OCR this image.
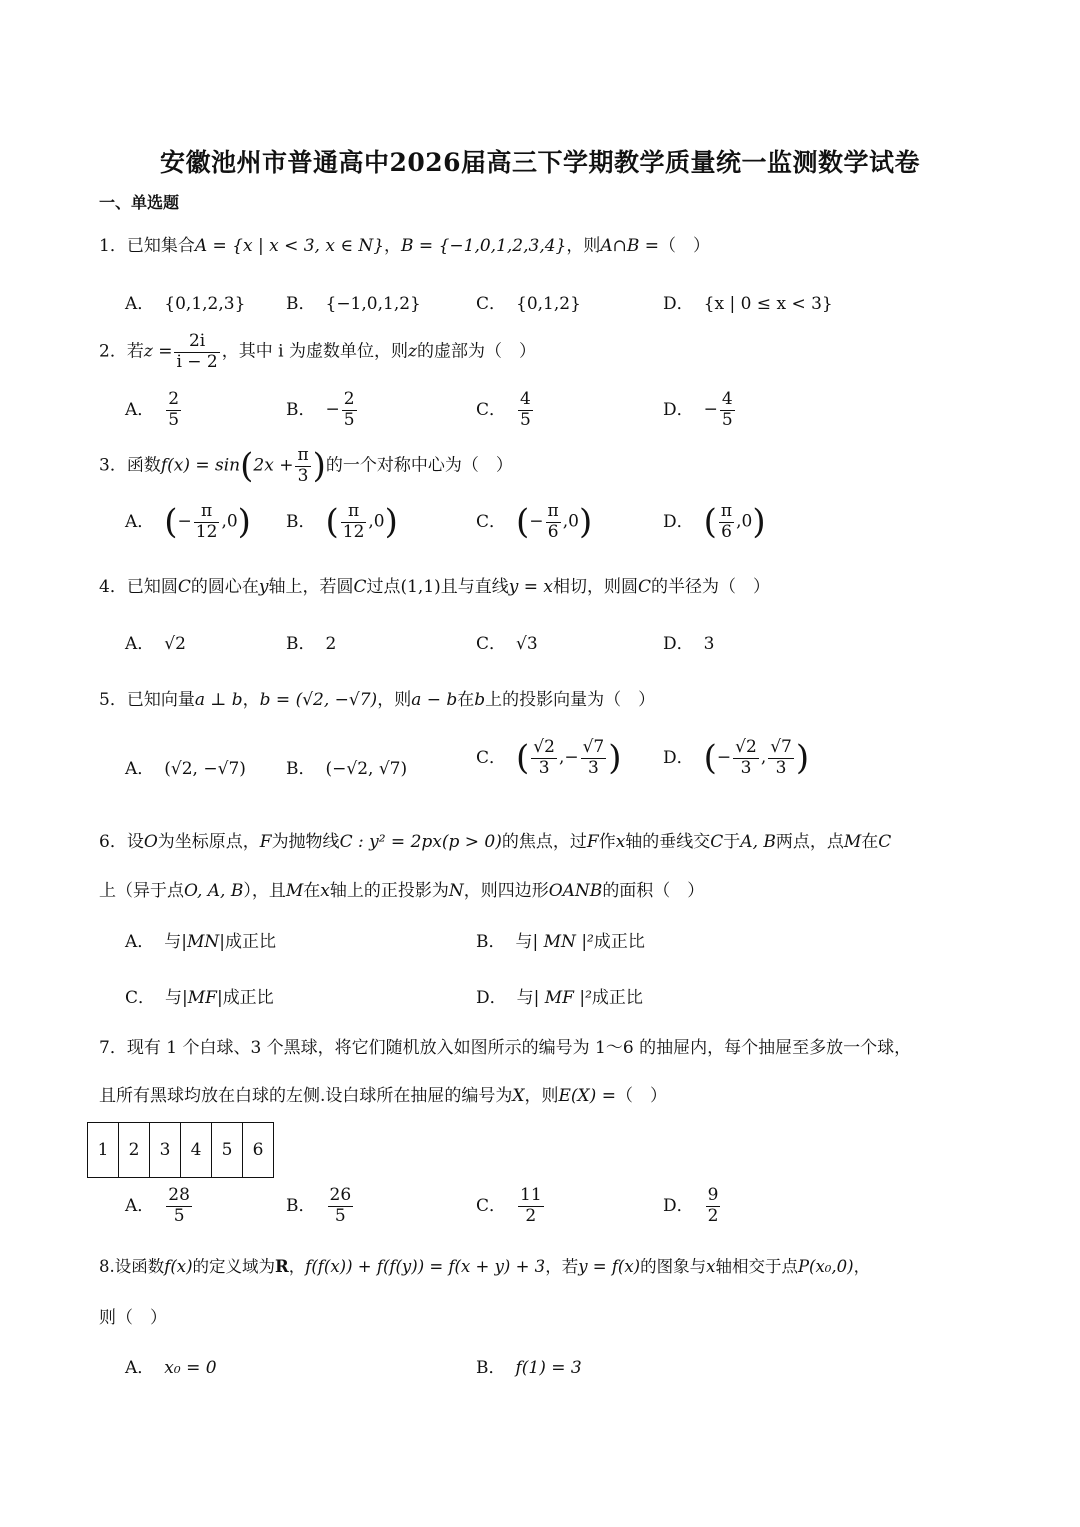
安徽池州市普通高中2026届高三下学期教学质量统一监测数学试卷
一、单选题
1．已知集合A = {x | x < 3, x ∈ N}，B = {−1,0,1,2,3,4}，则A∩B =（　）
A． {0,1,2,3} B． {−1,0,1,2}	C． {0,1,2}	D． {x | 0 ≤ x < 3}
2．若$z = \frac{2i}{i - 2}$ ，其中 i 为虚数单位，则z的虚部为（　）
A． $\frac{2}{5}$	B． − $\frac{2}{5}$	C． $\frac{4}{5}$	D． − $\frac{4}{5}$
3．函数$f(x) = \sin(2x + \frac{\pi}{3}$ )的一个对称中心为（　）
A． (− $\frac{\pi}{12} ,0$) B． ( $\frac{\pi}{12} ,0$)	C． (− $\frac{\pi}{6} ,0$)	D． ( $\frac{\pi}{6} ,0$)
4．已知圆C的圆心在y轴上，若圆C过点(1,1)且与直线y = x相切，则圆C的半径为（　）
A． √2	B． 2	C． √3	D． 3
5．已知向量a ⊥ b，b = (√2, −√7)，则a − b在b上的投影向量为（　）
A． (√2, −√7) B． (−√2, √7)
C． ( $\frac{√2}{3}$ ,− $\frac{√7}{3}$ ) D． (− $\frac{√2}{3}$ , $\frac{√7}{3}$ )
6．设O为坐标原点，F为抛物线C : y² = 2px(p > 0)的焦点，过F作x轴的垂线交C于A, B两点，点M在C
上（异于点O, A, B），且M在x轴上的正投影为N，则四边形OANB的面积（　）
A． 与|MN|成正比	B． 与| MN |²成正比
C． 与|MF|成正比	D． 与| MF |²成正比
7．现有 1 个白球、3 个黑球，将它们随机放入如图所示的编号为 1～6 的抽屉内，每个抽屉至多放一个球，
且所有黑球均放在白球的左侧.设白球所在抽屉的编号为X，则E(X) =（　）
1	2	3	4	5	6
A． $\frac{28}{5}$	B． $\frac{26}{5}$	C． $\frac{11}{2}$	D． $\frac{9}{2}$
8.设函数f(x)的定义域为R，f(f(x)) + f(f(y)) = f(x + y) + 3，若y = f(x)的图象与x轴相交于点P(x₀,0)，
则（　）
A． x₀ = 0	B． f(1) = 3
